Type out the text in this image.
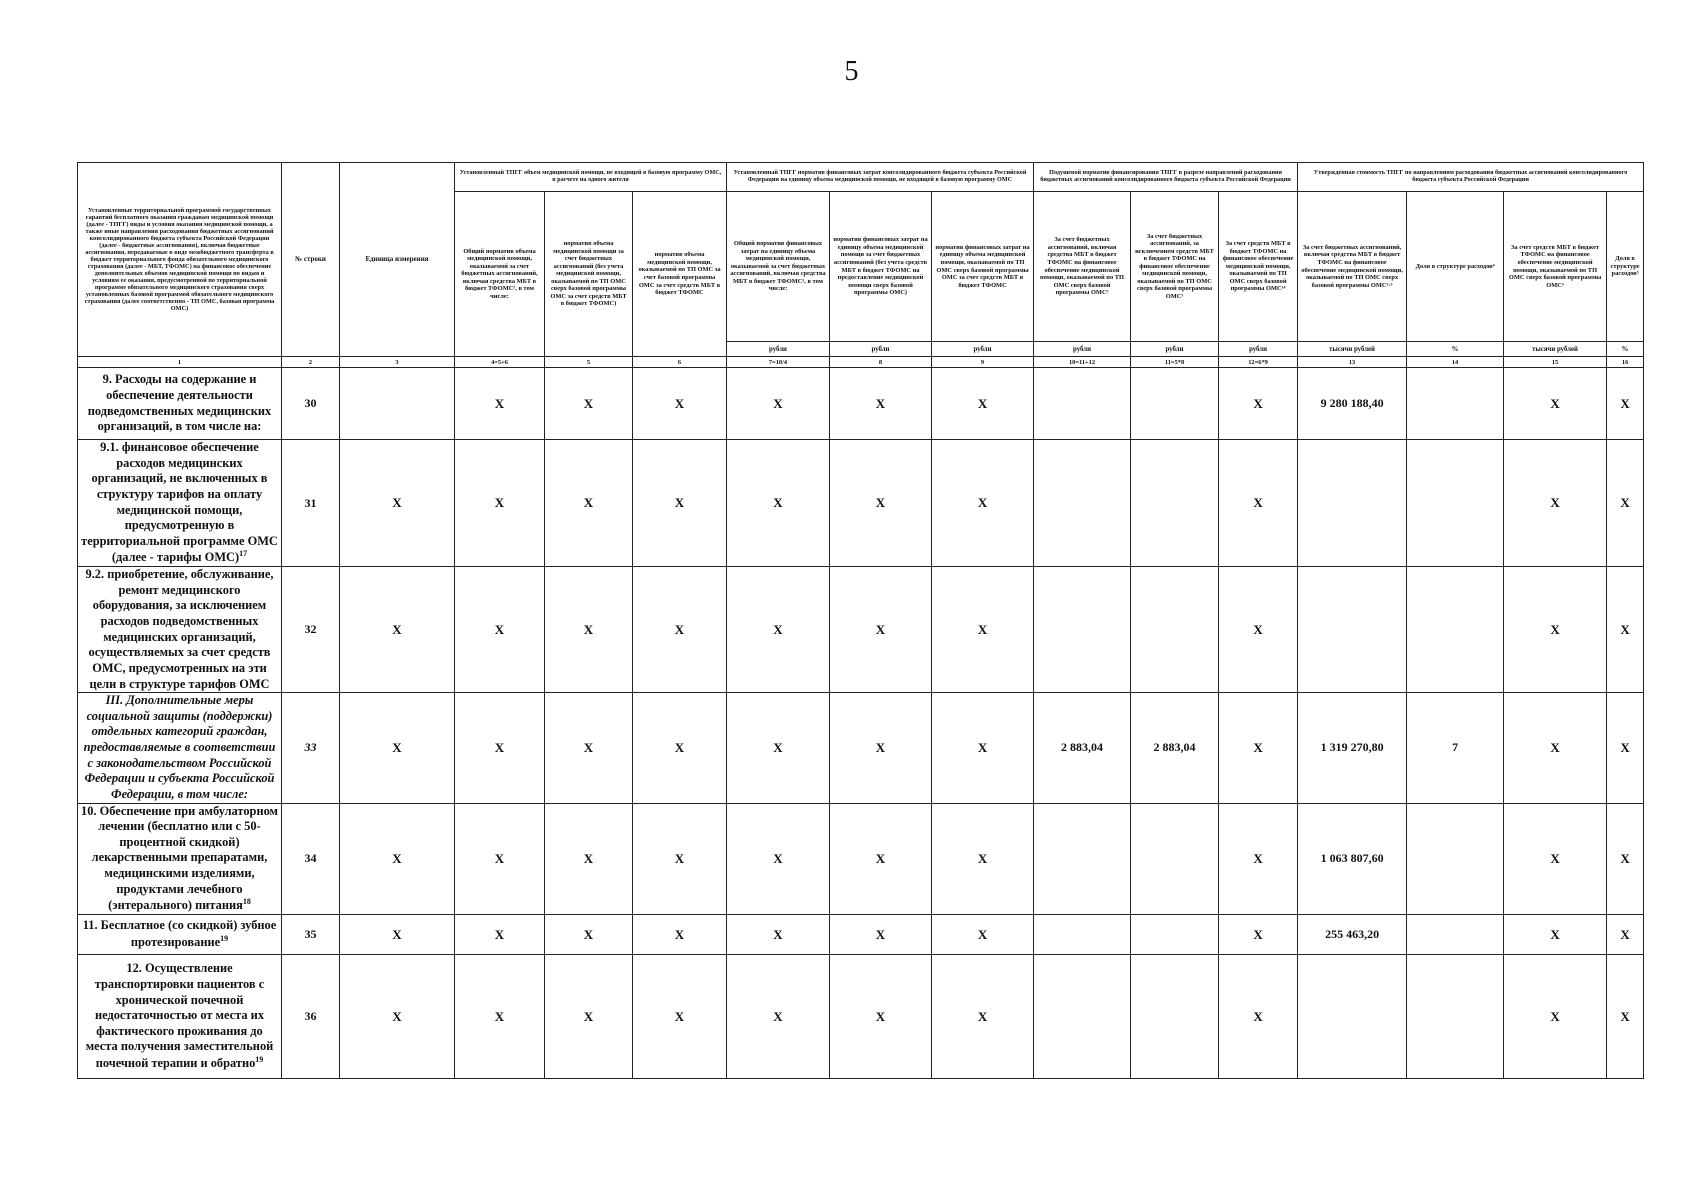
5
Установленные территориальной программой государственных гарантий бесплатного оказания гражданам медицинской помощи (далее - ТПГГ) виды и условия оказания медицинской помощи, а также иные направления расходования бюджетных ассигнований консолидированного бюджета субъекта Российской Федерации (далее - бюджетные ассигнования), включая бюджетные ассигнования, передаваемые в виде межбюджетного трансферта в бюджет территориального фонда обязательного медицинского страхования (далее - МБТ, ТФОМС) на финансовое обеспечение дополнительных объемов медицинской помощи по видам и условиям ее оказания, предусмотренной по территориальной программе обязательного медицинского страхования сверх установленных базовой программой обязательного медицинского страхования (далее соответственно - ТП ОМС, базовая программа ОМС)	№ строки	Единица измерения	Установленный ТПГГ объем медицинской помощи, не входящей в базовую программу ОМС, в расчете на одного жителя			Установленный ТПГГ норматив финансовых затрат консолидированного бюджета субъекта Российской Федерации на единицу объема медицинской помощи, не входящей в базовую программу ОМС			Подушевой норматив финансирования ТПГГ в разрезе направлений расходования бюджетных ассигнований консолидированного бюджета субъекта Российской Федерации			Утвержденная стоимость ТПГГ по направлениям расходования бюджетных ассигнований консолидированного бюджета субъекта Российской Федерации			
			Общий норматив объема медицинской помощи, оказываемой за счет бюджетных ассигнований, включая средства МБТ в бюджет ТФОМС⁵, в том числе:	норматив объема медицинской помощи за счет бюджетных ассигнований (без учета медицинской помощи, оказываемой по ТП ОМС сверх базовой программы ОМС за счет средств МБТ в бюджет ТФОМС)	норматив объема медицинской помощи, оказываемой по ТП ОМС за счет базовой программы ОМС за счет средств МБТ в бюджет ТФОМС	Общий норматив финансовых затрат на единицу объема медицинской помощи, оказываемой за счет бюджетных ассигнований, включая средства МБТ в бюджет ТФОМС⁵, в том числе:	норматив финансовых затрат на единицу объема медицинской помощи за счет бюджетных ассигнований (без учета средств МБТ в бюджет ТФОМС на предоставление медицинской помощи сверх базовой программы ОМС)	норматив финансовых затрат на единицу объема медицинской помощи, оказываемой по ТП ОМС сверх базовой программы ОМС за счет средств МБТ в бюджет ТФОМС	За счет бюджетных ассигнований, включая средства МБТ в бюджет ТФОМС на финансовое обеспечение медицинской помощи, оказываемой по ТП ОМС сверх базовой программы ОМС⁵	За счет бюджетных ассигнований, за исключением средств МБТ в бюджет ТФОМС на финансовое обеспечение медицинской помощи, оказываемой по ТП ОМС сверх базовой программы ОМС⁵	За счет средств МБТ в бюджет ТФОМС на финансовое обеспечение медицинской помощи, оказываемой по ТП ОМС сверх базовой программы ОМС¹⁴	За счет бюджетных ассигнований, включая средства МБТ в бюджет ТФОМС на финансовое обеспечение медицинской помощи, оказываемой по ТП ОМС сверх базовой программы ОМС⁵·³	Доля в структуре расходов⁴	За счет средств МБТ в бюджет ТФОМС на финансовое обеспечение медицинской помощи, оказываемой по ТП ОМС сверх базовой программы ОМС⁵	Доля в структуре расходов⁵
						рубли	рубли	рубли	рубли	рубли	рубли	тысячи рублей	%	тысячи рублей	%
1	2	3	4=5+6	5	6	7=10/4	8	9	10=11+12	11=5*8	12=6*9	13	14	15	16
9. Расходы на содержание и обеспечение деятельности подведомственных медицинских организаций, в том числе на:	30		X	X	X	X	X	X			X	9 280 188,40		X	X
9.1. финансовое обеспечение расходов медицинских организаций, не включенных в структуру тарифов на оплату медицинской помощи, предусмотренную в территориальной программе ОМС (далее - тарифы ОМС)$^{17}$	31	X	X	X	X	X	X	X			X			X	X
9.2. приобретение, обслуживание, ремонт медицинского оборудования, за исключением расходов подведомственных медицинских организаций, осуществляемых за счет средств ОМС, предусмотренных на эти цели в структуре тарифов ОМС	32	X	X	X	X	X	X	X			X			X	X
III. Дополнительные меры социальной защиты (поддержки) отдельных категорий граждан, предоставляемые в соответствии с законодательством Российской Федерации и субъекта Российской Федерации, в том числе:	33	X	X	X	X	X	X	X	2 883,04	2 883,04	X	1 319 270,80	7	X	X
10. Обеспечение при амбулаторном лечении (бесплатно или с 50- процентной скидкой) лекарственными препаратами, медицинскими изделиями, продуктами лечебного (энтерального) питания$^{18}$	34	X	X	X	X	X	X	X			X	1 063 807,60		X	X
11. Бесплатное (со скидкой) зубное протезирование$^{19}$	35	X	X	X	X	X	X	X			X	255 463,20		X	X
12. Осуществление транспортировки пациентов с хронической почечной недостаточностью от места их фактического проживания до места получения заместительной почечной терапии и обратно$^{19}$	36	X	X	X	X	X	X	X			X			X	X
